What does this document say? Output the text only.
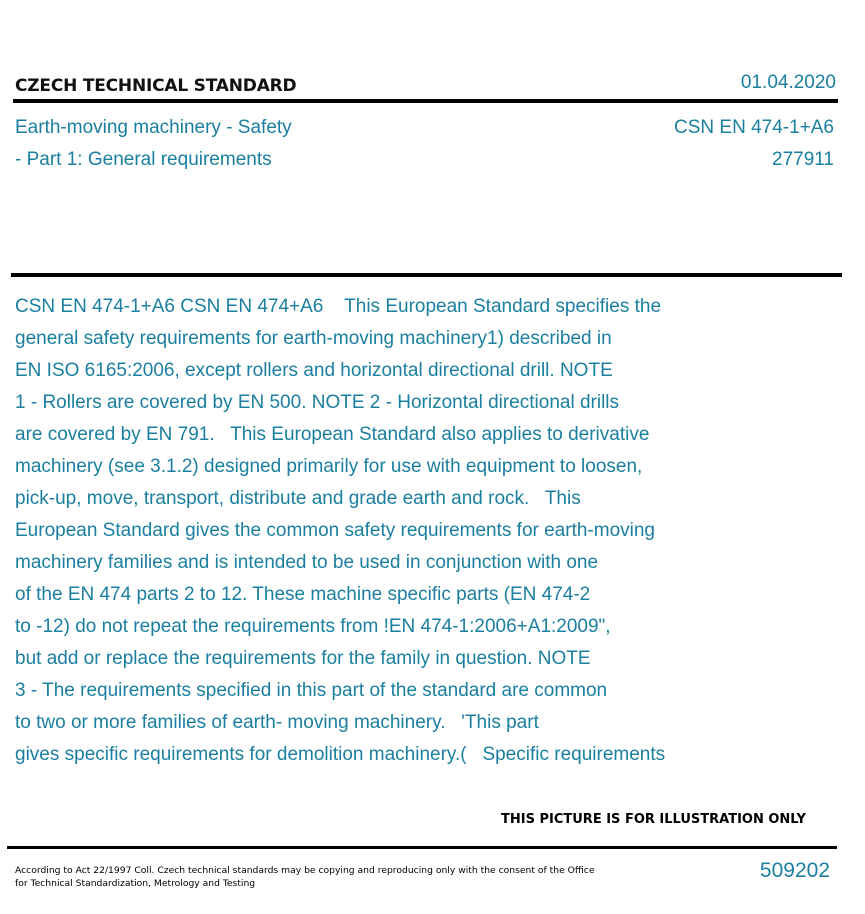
CZECH TECHNICAL STANDARD	01.04.2020
Earth-moving machinery - Safety
- Part 1: General requirements
CSN EN 474-1+A6
277911
CSN EN 474-1+A6 CSN EN 474+A6    This European Standard specifies the
general safety requirements for earth-moving machinery1) described in
EN ISO 6165:2006, except rollers and horizontal directional drill. NOTE
1 - Rollers are covered by EN 500. NOTE 2 - Horizontal directional drills
are covered by EN 791.   This European Standard also applies to derivative
machinery (see 3.1.2) designed primarily for use with equipment to loosen,
pick-up, move, transport, distribute and grade earth and rock.   This
European Standard gives the common safety requirements for earth-moving
machinery families and is intended to be used in conjunction with one
of the EN 474 parts 2 to 12. These machine specific parts (EN 474-2
to -12) do not repeat the requirements from !EN 474-1:2006+A1:2009",
but add or replace the requirements for the family in question. NOTE
3 - The requirements specified in this part of the standard are common
to two or more families of earth- moving machinery.   'This part
gives specific requirements for demolition machinery.(   Specific requirements
THIS PICTURE IS FOR ILLUSTRATION ONLY
According to Act 22/1997 Coll. Czech technical standards may be copying and reproducing only with the consent of the Office
for Technical Standardization, Metrology and Testing
509202
